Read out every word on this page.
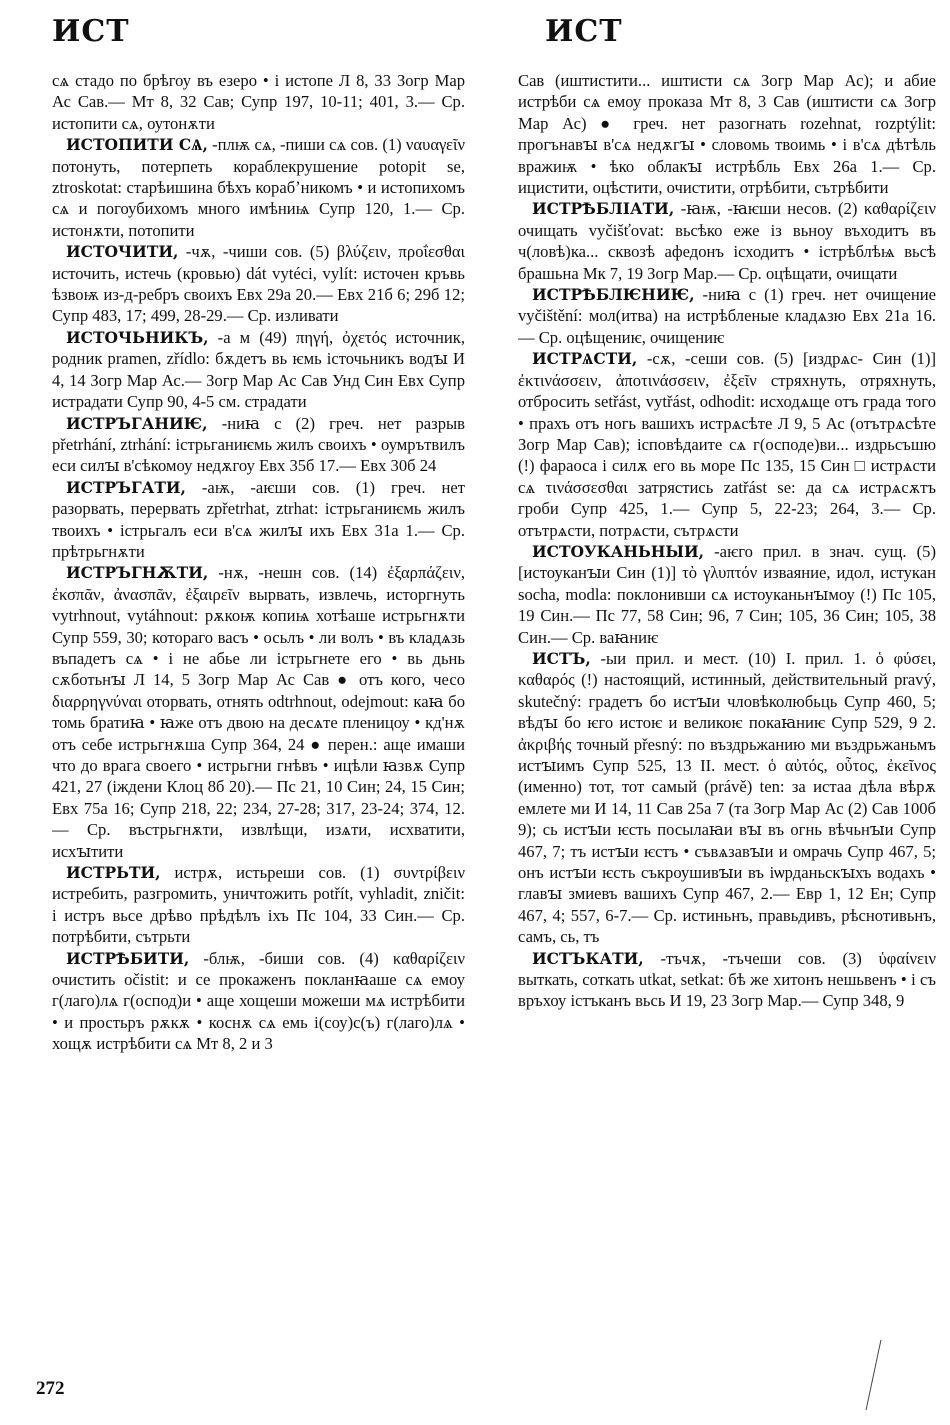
ИСТ	ИСТ

сѧ стадо по брѣгоу въ езеро • і истопе Л 8, 33 Зогр Мар Ас Сав.— Мт 8, 32 Сав; Супр 197, 10-11; 401, 3.— Ср. истопити сѧ, оутонѫти

ИСТОПИТИ СѦ, -плѭ сѧ, -пиши сѧ сов. (1) ναυαγεῖν потонуть, потерпеть кораблекрушение potopit se, ztroskotat: старѣишина бѣхъ корабʼникомъ • и истопихомъ сѧ и погоубихомъ много имѣниѩ Супр 120, 1.— Ср. истонѫти, потопити

ИСТОЧИТИ, -чѫ, -чиши сов. (5) βλύζειν, προΐεσθαι источить, истечь (кровью) dát vytéci, vylít: источен кръвь ѣзвоѭ из-д-ребръ своихъ Евх 29а 20.— Евх 21б 6; 29б 12; Супр 483, 17; 499, 28-29.— Ср. изливати

ИСТОЧЬНИКЪ, -а м (49) πηγή, ὀχετός источник, родник pramen, zřídlo: бѫдетъ вь ѥмь істочьникъ водꙑ И 4, 14 Зогр Мар Ас.— Зогр Мар Ас Сав Унд Син Евх Супр истрадати Супр 90, 4-5 см. страдати

ИСТРЪГАНИѤ, -ниꙗ с (2) греч. нет разрыв přetrhání, ztrhání: істрьганиѥмь жилъ своихъ • оумрътвилъ еси силꙑ в'сѣкомоу недѫгоу Евх 35б 17.— Евх 30б 24

ИСТРЪГАТИ, -аѭ, -аѥши сов. (1) греч. нет разорвать, перервать zpřetrhat, ztrhat: істрьганиѥмь жилъ твоихъ • істрьгалъ еси в'сѧ жилꙑ ихъ Евх 31а 1.— Ср. прѣтрьгнѫти

ИСТРЪГНѪТИ, -нѫ, -нешн сов. (14) ἐξαρπάζειν, ἐκσπᾶν, ἀνασπᾶν, ἐξαιρεῖν вырвать, извлечь, исторгнуть vytrhnout, vytáhnout: рѫкоѭ копиѩ хотѣаше истрьгнѫти Супр 559, 30; котораго васъ • осьлъ • ли волъ • въ кладѧзь въпадетъ сѧ • і не абье ли істрьгнете его • вь дьнь сѫботьнꙑ Л 14, 5 Зогр Мар Ас Сав ● отъ кого, чесо διαρρηγνύναι оторвать, отнять odtrhnout, odejmout: каꙗ бо томь братиꙗ • ꙗже отъ двою на десѧте пленицоу • кд'нѫ отъ себе истрьгнѫша Супр 364, 24 ● перен.: аще имаши что до врага своего • истрьгни гнѣвъ • ицѣли ꙗзвѫ Супр 421, 27 (іждени Клоц 8б 20).— Пс 21, 10 Син; 24, 15 Син; Евх 75а 16; Супр 218, 22; 234, 27-28; 317, 23-24; 374, 12.— Ср. въстрьгнѫти, извлѣщи, изѧти, исхватити, исхꙑтити

ИСТРЬТИ, истрѫ, истьреши сов. (1) συντρίβειν истребить, разгромить, уничтожить potřít, vyhladit, zničit: і истръ вьсе дрѣво прѣдѣлъ іхъ Пс 104, 33 Син.— Ср. потрѣбити, сътрьти

ИСТРѢБИТИ, -блѭ, -биши сов. (4) καθαρίζειν очистить očistit: и се прокаженъ покланꙗаше сѧ емоу г(лаго)лѧ г(оспод)и • аще хощеши можеши мѧ истрѣбити • и простьръ рѫкѫ • коснѫ сѧ емь і(соу)с(ъ) г(лаго)лѧ • хощѫ истрѣбити сѧ Мт 8, 2 и 3

Сав (иштистити... иштисти сѧ Зогр Мар Ас); и абие истрѣби сѧ емоу проказа Мт 8, 3 Сав (иштисти сѧ Зогр Мар Ас) ● греч. нет разогнать rozehnat, rozptýlit: прогънавꙑ в'сѧ недѫгꙑ • словомь твоимь • і в'сѧ дѣтѣль вражиѭ • ѣко облакꙑ истрѣбль Евх 26а 1.— Ср. ицистити, оцѣстити, очистити, отрѣбити, сътрѣбити

ИСТРѢБЛІАТИ, -ꙗѭ, -ꙗѥши несов. (2) καθαρίζειν очищать vyčišťovat: вьсѣко еже із вьноу въходитъ въ ч(ловѣ)ка... сквозѣ афедонъ ісходитъ • істрѣблѣѩ вьсѣ брашьна Мк 7, 19 Зогр Мар.— Ср. оцѣщати, очищати

ИСТРѢБЛѤНИѤ, -ниꙗ с (1) греч. нет очищение vyčištění: мол(итва) на истрѣбленые кладѧзю Евх 21а 16.— Ср. оцѣщениѥ, очищениѥ

ИСТРѦСТИ, -сѫ, -сеши сов. (5) [издрѧс- Син (1)] ἐκτινάσσειν, ἀποτινάσσειν, ἐξεῖν стряхнуть, отряхнуть, отбросить setřást, vytřást, odhodit: исходѧще отъ града того • прахъ отъ ногь вашихъ истрѧсѣте Л 9, 5 Ас (отътрѧсѣте Зогр Мар Сав); ісповѣдаите сѧ г(осподе)ви... издрьсъшю (!) фараоса і силѫ его вь море Пс 135, 15 Син □ истрѧсти сѧ τινάσσεσθαι затрястись zatřást se: да сѧ истрѧсѫтъ гроби Супр 425, 1.— Супр 5, 22-23; 264, 3.— Ср. отътрѧсти, потрѧсти, сътрѧсти

ИСТОУКАНЬНЫИ, -аѥго прил. в знач. сущ. (5) [истоуканꙑи Син (1)] τὸ γλυπτόν изваяние, идол, истукан socha, modla: поклонивши сѧ истоуканьнꙑмоу (!) Пс 105, 19 Син.— Пс 77, 58 Син; 96, 7 Син; 105, 36 Син; 105, 38 Син.— Ср. ваꙗниѥ

ИСТЪ, -ыи прил. и мест. (10) I. прил. 1. ὁ φύσει, καθαρός (!) настоящий, истинный, действительный pravý, skutečný: градетъ бо истꙑи чловѣколюбьць Супр 460, 5; вѣдꙑ бо ѥго истоѥ и великоѥ покаꙗниѥ Супр 529, 9 2. ἀκριβής точный přesný: по въздрьжанию ми въздрьжаньмъ истꙑимъ Супр 525, 13 II. мест. ὁ αὐτός, οὗτος, ἐκεῖνος (именно) тот, тот самый (právě) ten: за истаа дѣла вѣрѫ емлете ми И 14, 11 Сав 25а 7 (та Зогр Мар Ас (2) Сав 100б 9); сь истꙑи ѥсть посылаꙗи вꙑ въ огнь вѣчьнꙑи Супр 467, 7; тъ истꙑи ѥстъ • съвѧзавꙑи и омрачь Супр 467, 5; онъ истꙑи ѥсть съкроушивꙑи въ іѡрданьскꙑхъ водахъ • главꙑ змиевъ вашихъ Супр 467, 2.— Евр 1, 12 Ен; Супр 467, 4; 557, 6-7.— Ср. истиньнъ, правьдивъ, рѣснотивьнъ, самъ, сь, тъ

ИСТЪКАТИ, -тъчѫ, -тъчеши сов. (3) ὑφαίνειν выткать, соткать utkat, setkat: бѣ же хитонъ нешьвенъ • і съ връхоу істъканъ вьсь И 19, 23 Зогр Мар.— Супр 348, 9

272
